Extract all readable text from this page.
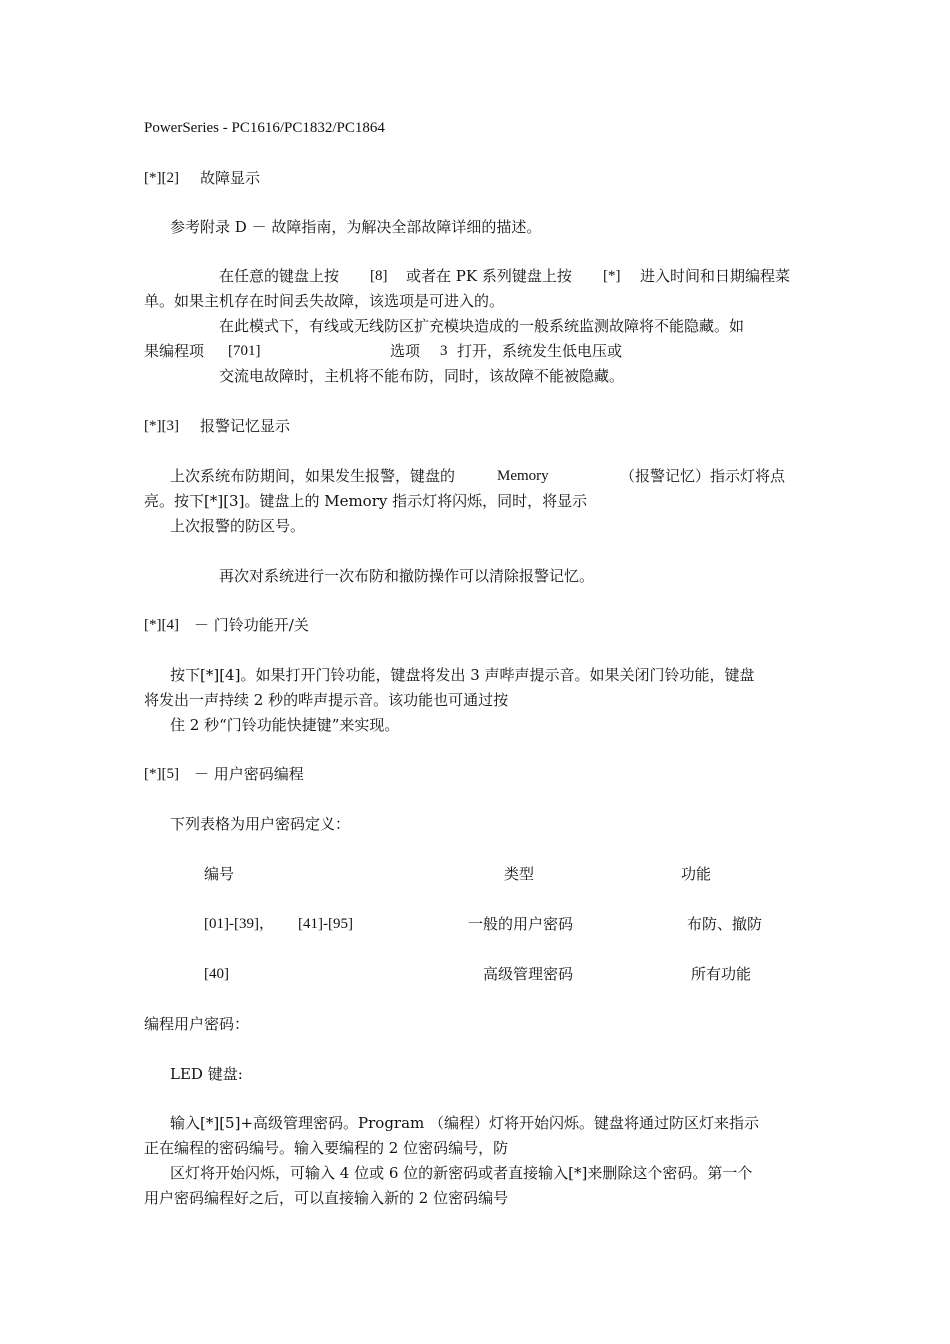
PowerSeries - PC1616/PC1832/PC1864
[*][2] 故障显示
参考附录 D － 故障指南，为解决全部故障详细的描述。
在任意的键盘上按 [8] 或者在 PK 系列键盘上按 [*] 进入时间和日期编程菜
单。如果主机存在时间丢失故障，该选项是可进入的。
在此模式下，有线或无线防区扩充模块造成的一般系统监测故障将不能隐藏。如
果编程项 [701]	选项 3 打开，系统发生低电压或
交流电故障时，主机将不能布防，同时，该故障不能被隐藏。
[*][3] 报警记忆显示
上次系统布防期间，如果发生报警，键盘的	Memory	（报警记忆）指示灯将点
亮。按下[*][3]。键盘上的 Memory 指示灯将闪烁，同时，将显示
上次报警的防区号。
再次对系统进行一次布防和撤防操作可以清除报警记忆。
[*][4] － 门铃功能开/关
按下[*][4]。如果打开门铃功能，键盘将发出 3 声哔声提示音。如果关闭门铃功能，键盘
将发出一声持续 2 秒的哔声提示音。该功能也可通过按
住 2 秒“门铃功能快捷键”来实现。
[*][5] － 用户密码编程
下列表格为用户密码定义：
编号	类型	功能
[01]-[39]， [41]-[95]	一般的用户密码	布防、撤防
[40]	高级管理密码	所有功能
编程用户密码：
LED 键盘:
输入[*][5]+高级管理密码。Program （编程）灯将开始闪烁。键盘将通过防区灯来指示
正在编程的密码编号。输入要编程的 2 位密码编号，防
区灯将开始闪烁，可输入 4 位或 6 位的新密码或者直接输入[*]来删除这个密码。第一个
用户密码编程好之后，可以直接输入新的 2 位密码编号
